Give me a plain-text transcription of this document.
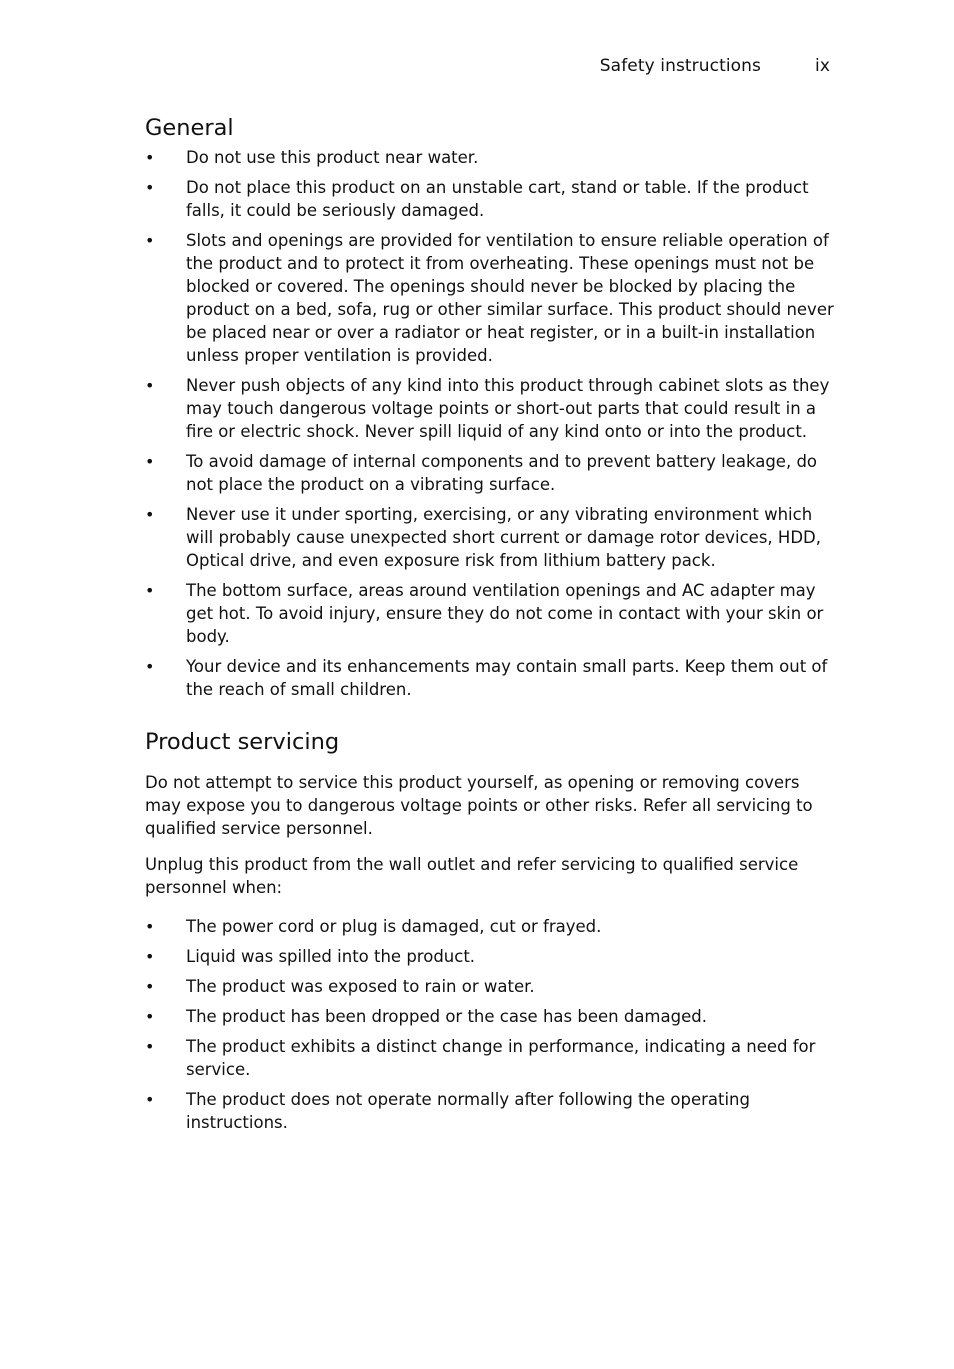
Safety instructions	ix
General
• Do not use this product near water.
• Do not place this product on an unstable cart, stand or table. If the product falls, it could be seriously damaged.
• Slots and openings are provided for ventilation to ensure reliable operation of the product and to protect it from overheating. These openings must not be blocked or covered. The openings should never be blocked by placing the product on a bed, sofa, rug or other similar surface. This product should never be placed near or over a radiator or heat register, or in a built-in installation unless proper ventilation is provided.
• Never push objects of any kind into this product through cabinet slots as they may touch dangerous voltage points or short-out parts that could result in a fire or electric shock. Never spill liquid of any kind onto or into the product.
• To avoid damage of internal components and to prevent battery leakage, do not place the product on a vibrating surface.
• Never use it under sporting, exercising, or any vibrating environment which will probably cause unexpected short current or damage rotor devices, HDD, Optical drive, and even exposure risk from lithium battery pack.
• The bottom surface, areas around ventilation openings and AC adapter may get hot. To avoid injury, ensure they do not come in contact with your skin or body.
• Your device and its enhancements may contain small parts. Keep them out of the reach of small children.
Product servicing

Do not attempt to service this product yourself, as opening or removing covers may expose you to dangerous voltage points or other risks. Refer all servicing to qualified service personnel.

Unplug this product from the wall outlet and refer servicing to qualified service personnel when:

• The power cord or plug is damaged, cut or frayed.
• Liquid was spilled into the product.
• The product was exposed to rain or water.
• The product has been dropped or the case has been damaged.
• The product exhibits a distinct change in performance, indicating a need for service.
• The product does not operate normally after following the operating instructions.
